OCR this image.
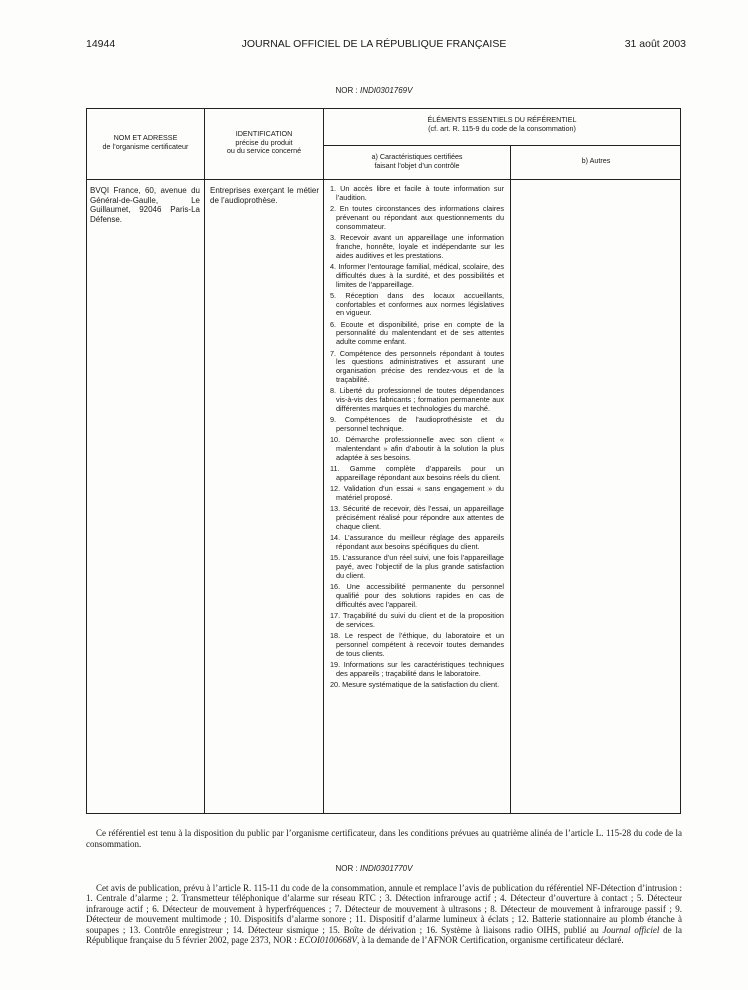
14944	JOURNAL OFFICIEL DE LA RÉPUBLIQUE FRANÇAISE	31 août 2003
NOR : INDI0301769V
NOM ET ADRESSE
de l’organisme certificateur
IDENTIFICATION
précise du produit
ou du service concerné
ÉLÉMENTS ESSENTIELS DU RÉFÉRENTIEL
(cf. art. R. 115-9 du code de la consommation)
a) Caractéristiques certifiées
faisant l’objet d’un contrôle
b) Autres
BVQI France, 60, avenue du Général-de-Gaulle, Le Guillaumet, 92046 Paris-La Défense.
Entreprises exerçant le métier de l’audioprothèse.
1. Un accès libre et facile à toute information sur l’audition.
2. En toutes circonstances des informations claires prévenant ou répondant aux questionnements du consommateur.
3. Recevoir avant un appareillage une information franche, honnête, loyale et indépendante sur les aides auditives et les prestations.
4. Informer l’entourage familial, médical, scolaire, des difficultés dues à la surdité, et des possibilités et limites de l’appareillage.
5. Réception dans des locaux accueillants, confortables et conformes aux normes législatives en vigueur.
6. Ecoute et disponibilité, prise en compte de la personnalité du malentendant et de ses attentes adulte comme enfant.
7. Compétence des personnels répondant à toutes les questions administratives et assurant une organisation précise des rendez-vous et de la traçabilité.
8. Liberté du professionnel de toutes dépendances vis-à-vis des fabricants ; formation permanente aux différentes marques et technologies du marché.
9. Compétences de l’audioprothésiste et du personnel technique.
10. Démarche professionnelle avec son client « malentendant » afin d’aboutir à la solution la plus adaptée à ses besoins.
11. Gamme complète d’appareils pour un appareillage répondant aux besoins réels du client.
12. Validation d’un essai « sans engagement » du matériel proposé.
13. Sécurité de recevoir, dès l’essai, un appareillage précisément réalisé pour répondre aux attentes de chaque client.
14. L’assurance du meilleur réglage des appareils répondant aux besoins spécifiques du client.
15. L’assurance d’un réel suivi, une fois l’appareillage payé, avec l’objectif de la plus grande satisfaction du client.
16. Une accessibilité permanente du personnel qualifié pour des solutions rapides en cas de difficultés avec l’appareil.
17. Traçabilité du suivi du client et de la proposition de services.
18. Le respect de l’éthique, du laboratoire et un personnel compétent à recevoir toutes demandes de tous clients.
19. Informations sur les caractéristiques techniques des appareils ; traçabilité dans le laboratoire.
20. Mesure systématique de la satisfaction du client.
Ce référentiel est tenu à la disposition du public par l’organisme certificateur, dans les conditions prévues au quatrième alinéa de l’article L. 115-28 du code de la consommation.
NOR : INDI0301770V
Cet avis de publication, prévu à l’article R. 115-11 du code de la consommation, annule et remplace l’avis de publication du référentiel NF-Détection d’intrusion : 1. Centrale d’alarme ; 2. Transmetteur téléphonique d’alarme sur réseau RTC ; 3. Détection infrarouge actif ; 4. Détecteur d’ouverture à contact ; 5. Détecteur infrarouge actif ; 6. Détecteur de mouvement à hyperfréquences ; 7. Détecteur de mouvement à ultrasons ; 8. Détecteur de mouvement à infrarouge passif ; 9. Détecteur de mouvement multimode ; 10. Dispositifs d’alarme sonore ; 11. Dispositif d’alarme lumineux à éclats ; 12. Batterie stationnaire au plomb étanche à soupapes ; 13. Contrôle enregistreur ; 14. Détecteur sismique ; 15. Boîte de dérivation ; 16. Système à liaisons radio OIHS, publié au Journal officiel de la République française du 5 février 2002, page 2373, NOR : ECOI0100668V, à la demande de l’AFNOR Certification, organisme certificateur déclaré.
